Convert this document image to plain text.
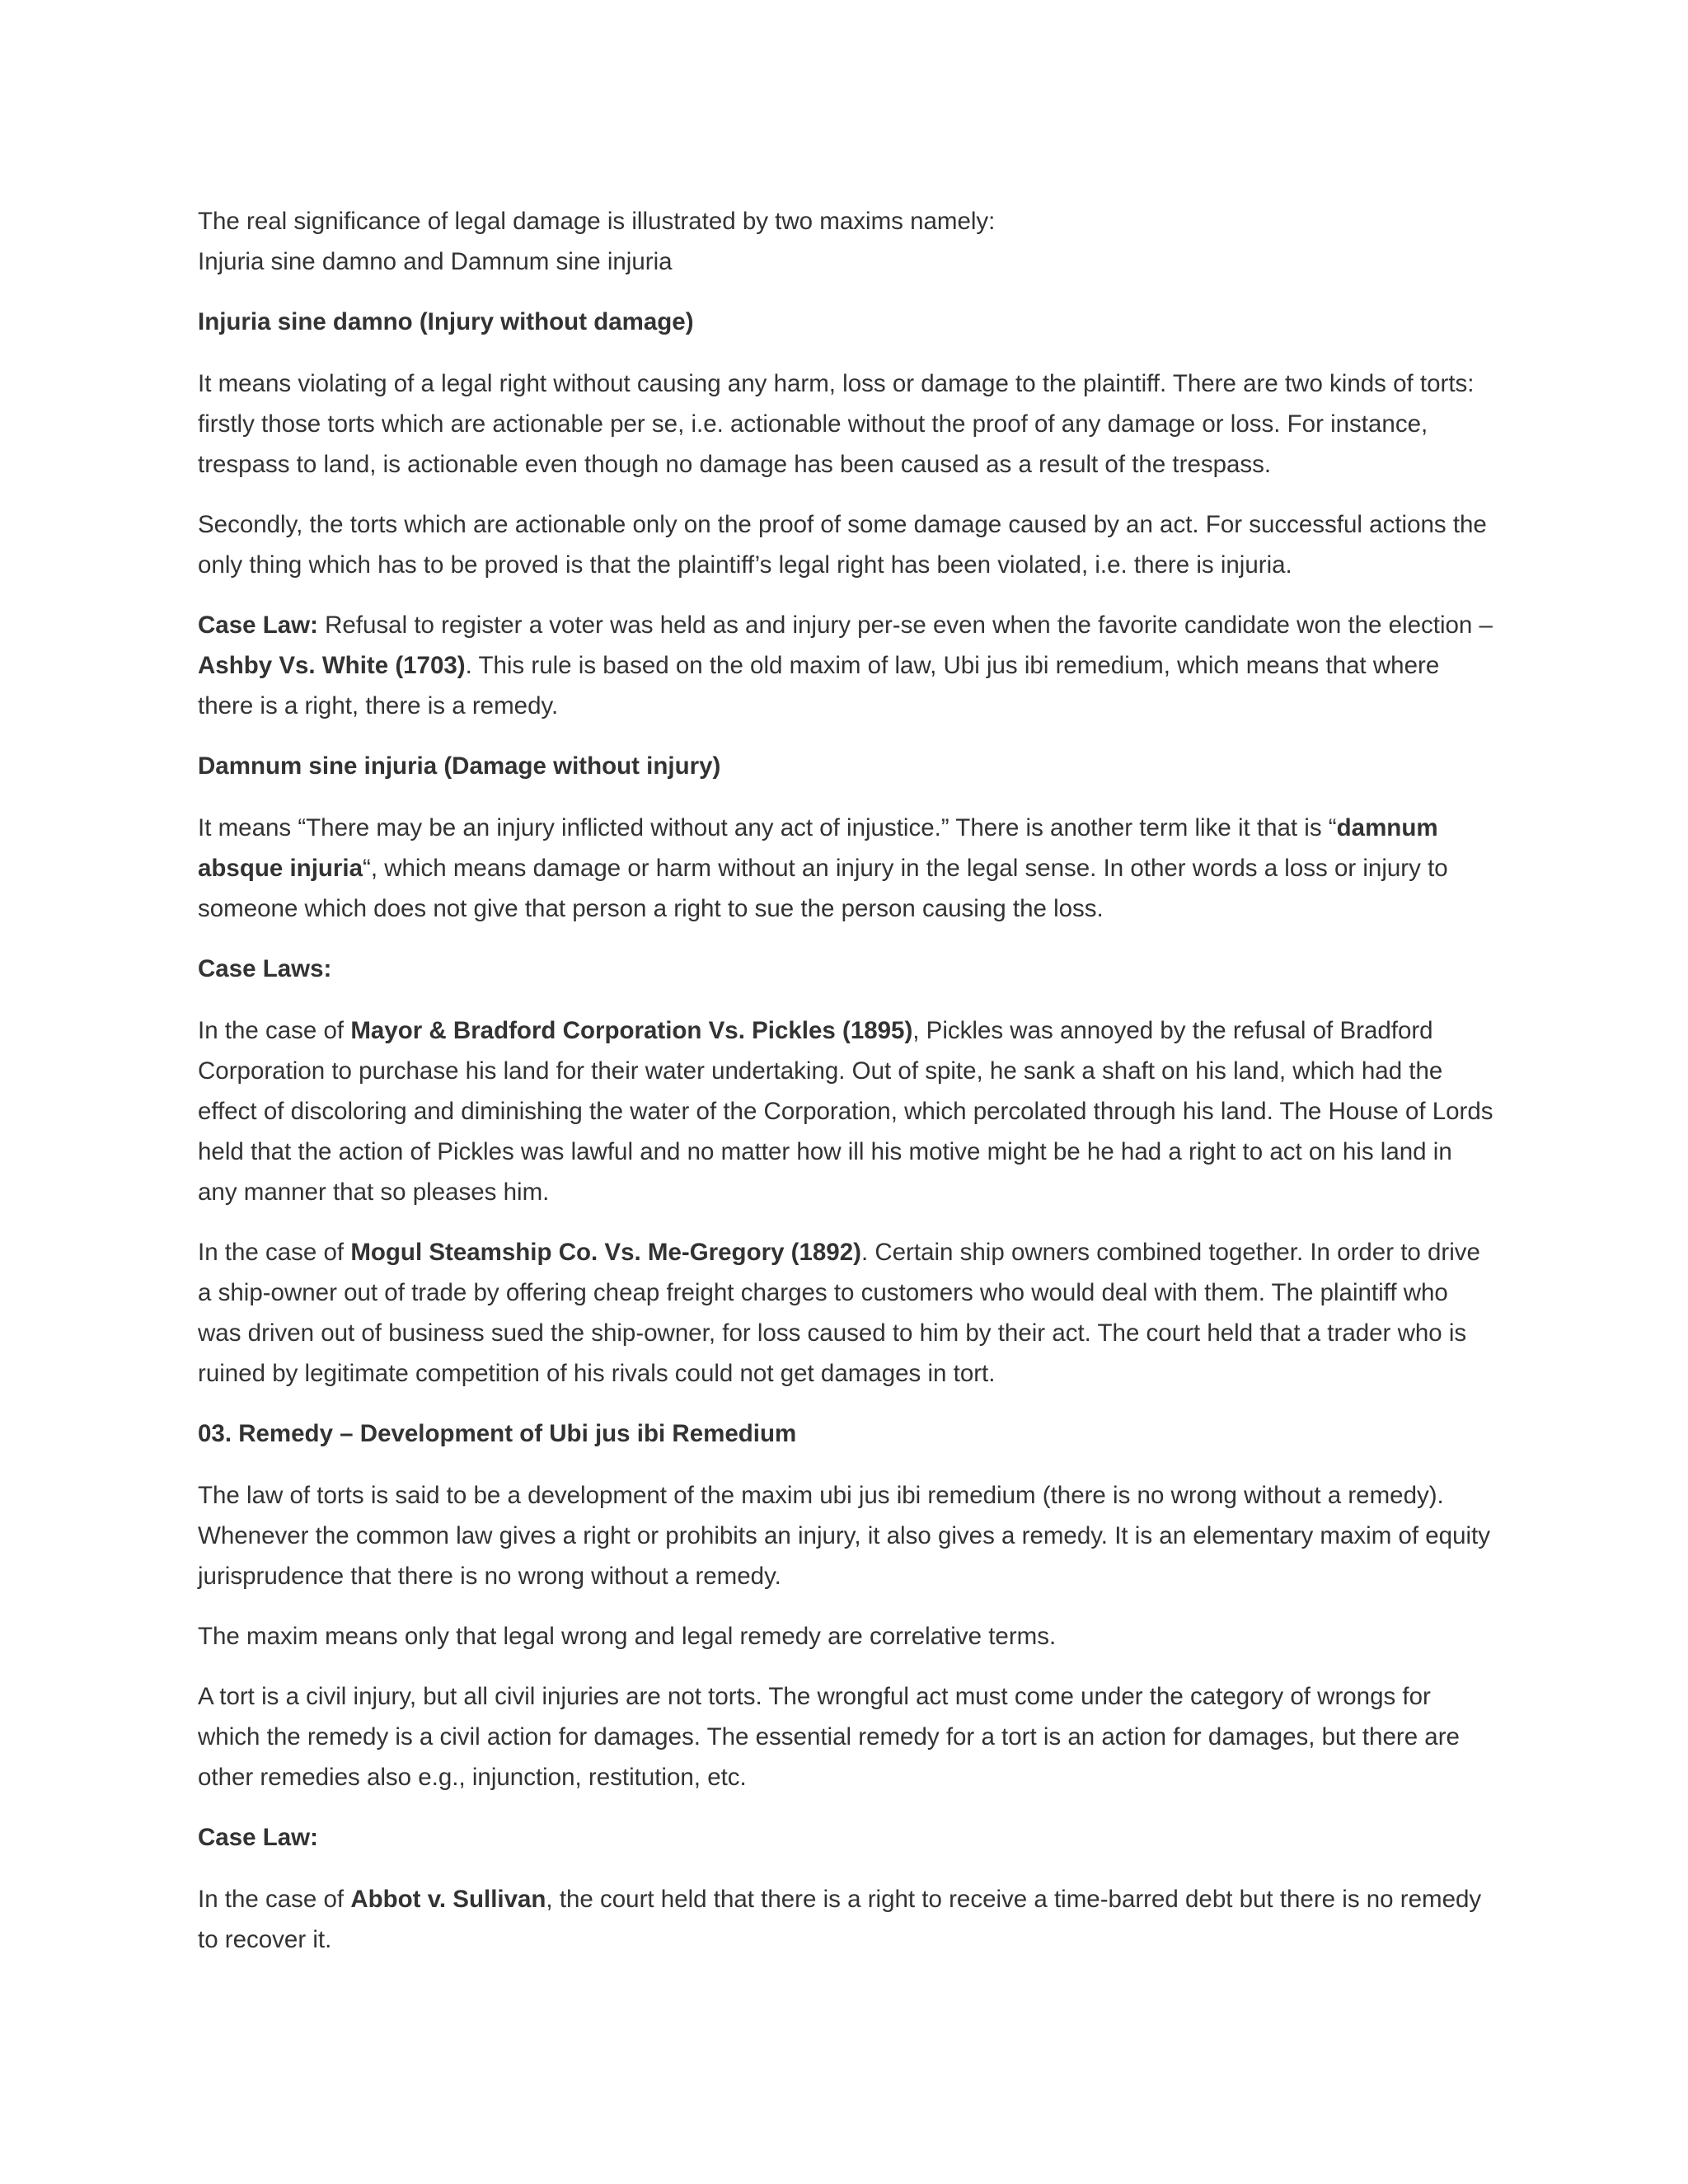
The real significance of legal damage is illustrated by two maxims namely:
Injuria sine damno and Damnum sine injuria

Injuria sine damno (Injury without damage)

It means violating of a legal right without causing any harm, loss or damage to the plaintiff. There are two kinds of torts: firstly those torts which are actionable per se, i.e. actionable without the proof of any damage or loss. For instance, trespass to land, is actionable even though no damage has been caused as a result of the trespass.

Secondly, the torts which are actionable only on the proof of some damage caused by an act. For successful actions the only thing which has to be proved is that the plaintiff’s legal right has been violated, i.e. there is injuria.

Case Law: Refusal to register a voter was held as and injury per-se even when the favorite candidate won the election – Ashby Vs. White (1703). This rule is based on the old maxim of law, Ubi jus ibi remedium, which means that where there is a right, there is a remedy.

Damnum sine injuria (Damage without injury)

It means “There may be an injury inflicted without any act of injustice.” There is another term like it that is “damnum absque injuria“, which means damage or harm without an injury in the legal sense. In other words a loss or injury to someone which does not give that person a right to sue the person causing the loss.

Case Laws:

In the case of Mayor & Bradford Corporation Vs. Pickles (1895), Pickles was annoyed by the refusal of Bradford Corporation to purchase his land for their water undertaking. Out of spite, he sank a shaft on his land, which had the effect of discoloring and diminishing the water of the Corporation, which percolated through his land. The House of Lords held that the action of Pickles was lawful and no matter how ill his motive might be he had a right to act on his land in any manner that so pleases him.

In the case of Mogul Steamship Co. Vs. Me-Gregory (1892). Certain ship owners combined together. In order to drive a ship-owner out of trade by offering cheap freight charges to customers who would deal with them. The plaintiff who was driven out of business sued the ship-owner, for loss caused to him by their act. The court held that a trader who is ruined by legitimate competition of his rivals could not get damages in tort.

03. Remedy – Development of Ubi jus ibi Remedium

The law of torts is said to be a development of the maxim ubi jus ibi remedium (there is no wrong without a remedy). Whenever the common law gives a right or prohibits an injury, it also gives a remedy. It is an elementary maxim of equity jurisprudence that there is no wrong without a remedy.

The maxim means only that legal wrong and legal remedy are correlative terms.

A tort is a civil injury, but all civil injuries are not torts. The wrongful act must come under the category of wrongs for which the remedy is a civil action for damages. The essential remedy for a tort is an action for damages, but there are other remedies also e.g., injunction, restitution, etc.

Case Law:

In the case of Abbot v. Sullivan, the court held that there is a right to receive a time-barred debt but there is no remedy to recover it.
